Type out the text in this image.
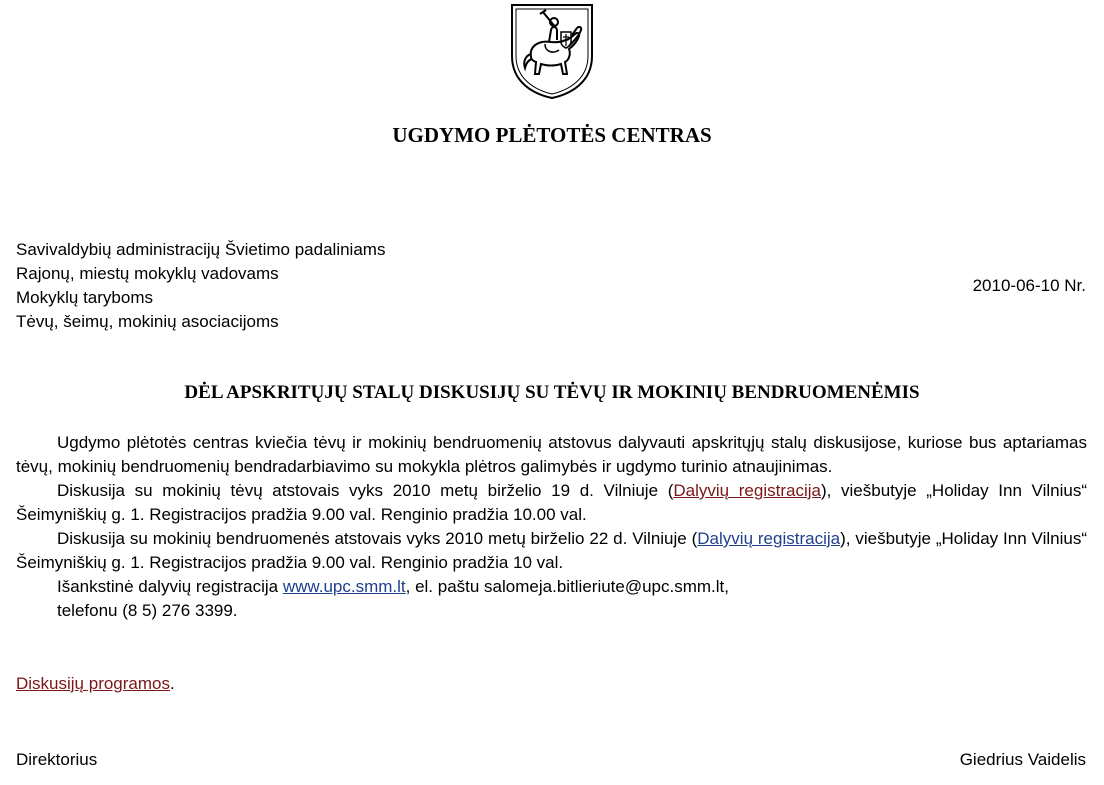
UGDYMO PLĖTOTĖS CENTRAS
Savivaldybių administracijų Švietimo padaliniams
Rajonų, miestų mokyklų vadovams
Mokyklų taryboms
Tėvų, šeimų, mokinių asociacijoms
2010-06-10 Nr.
DĖL APSKRITŲJŲ STALŲ DISKUSIJŲ SU TĖVŲ IR MOKINIŲ BENDRUOMENĖMIS

Ugdymo plėtotės centras kviečia tėvų ir mokinių bendruomenių atstovus dalyvauti apskritųjų stalų diskusijose, kuriose bus aptariamas tėvų, mokinių bendruomenių bendradarbiavimo su mokykla plėtros galimybės ir ugdymo turinio atnaujinimas.

Diskusija su mokinių tėvų atstovais vyks 2010 metų birželio 19 d. Vilniuje (Dalyvių registracija), viešbutyje „Holiday Inn Vilnius“ Šeimyniškių g. 1. Registracijos pradžia 9.00 val. Renginio pradžia 10.00 val.

Diskusija su mokinių bendruomenės atstovais vyks 2010 metų birželio 22 d. Vilniuje (Dalyvių registracija), viešbutyje „Holiday Inn Vilnius“ Šeimyniškių g. 1. Registracijos pradžia 9.00 val. Renginio pradžia 10 val.

Išankstinė dalyvių registracija www.upc.smm.lt, el. paštu salomeja.bitlieriute@upc.smm.lt,

telefonu (8 5) 276 3399.

Diskusijų programos.
Direktorius	Giedrius Vaidelis
